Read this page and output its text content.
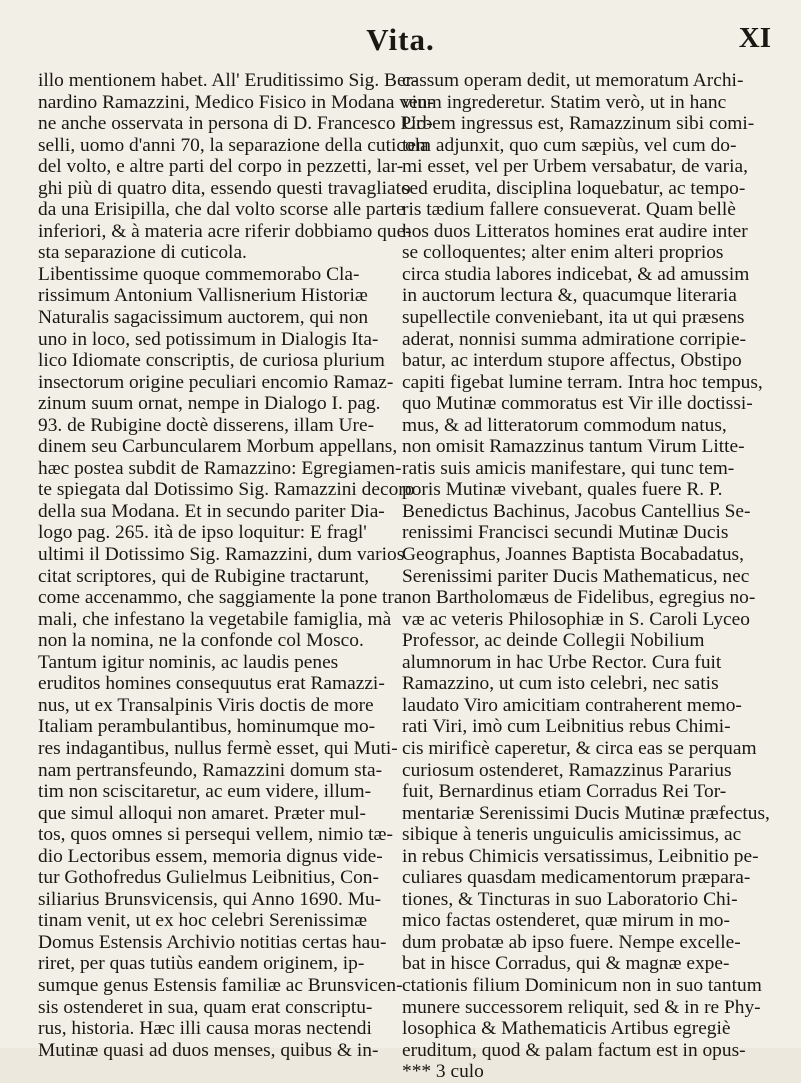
Vita.	XI
illo mentionem habet. All' Eruditissimo Sig. Ber-
nardino Ramazzini, Medico Fisico in Modana ven-
ne anche osservata in persona di D. Francesco Pio-
selli, uomo d'anni 70, la separazione della cuticola
del volto, e altre parti del corpo in pezzetti, lar-
ghi più di quatro dita, essendo questi travagliato
da una Erisipilla, che dal volto scorse alle parte
inferiori, & à materia acre riferir dobbiamo que-
sta separazione di cuticola.
Libentissime quoque commemorabo Cla-
rissimum Antonium Vallisnerium Historiæ
Naturalis sagacissimum auctorem, qui non
uno in loco, sed potissimum in Dialogis Ita-
lico Idiomate conscriptis, de curiosa plurium
insectorum origine peculiari encomio Ramaz-
zinum suum ornat, nempe in Dialogo I. pag.
93. de Rubigine doctè disserens, illam Ure-
dinem seu Carbuncularem Morbum appellans,
hæc postea subdit de Ramazzino: Egregiamen-
te spiegata dal Dotissimo Sig. Ramazzini decoro
della sua Modana. Et in secundo pariter Dia-
logo pag. 265. ità de ipso loquitur: E fragl'
ultimi il Dotissimo Sig. Ramazzini, dum varios
citat scriptores, qui de Rubigine tractarunt,
come accenammo, che saggiamente la pone tra
mali, che infestano la vegetabile famiglia, mà
non la nomina, ne la confonde col Mosco.
Tantum igitur nominis, ac laudis penes
eruditos homines consequutus erat Ramazzi-
nus, ut ex Transalpinis Viris doctis de more
Italiam perambulantibus, hominumque mo-
res indagantibus, nullus fermè esset, qui Muti-
nam pertransfeundo, Ramazzini domum sta-
tim non sciscitaretur, ac eum videre, illum-
que simul alloqui non amaret. Præter mul-
tos, quos omnes si persequi vellem, nimio tæ-
dio Lectoribus essem, memoria dignus vide-
tur Gothofredus Gulielmus Leibnitius, Con-
siliarius Brunsvicensis, qui Anno 1690. Mu-
tinam venit, ut ex hoc celebri Serenissimæ
Domus Estensis Archivio notitias certas hau-
riret, per quas tutiùs eandem originem, ip-
sumque genus Estensis familiæ ac Brunsvicen-
sis ostenderet in sua, quam erat conscriptu-
rus, historia. Hæc illi causa moras nectendi
Mutinæ quasi ad duos menses, quibus & in-
cassum operam dedit, ut memoratum Archi-
vium ingrederetur. Statim verò, ut in hanc
Urbem ingressus est, Ramazzinum sibi comi-
tem adjunxit, quo cum sæpiùs, vel cum do-
mi esset, vel per Urbem versabatur, de varia,
sed erudita, disciplina loquebatur, ac tempo-
ris tædium fallere consueverat. Quam bellè
hos duos Litteratos homines erat audire inter
se colloquentes; alter enim alteri proprios
circa studia labores indicebat, & ad amussim
in auctorum lectura &, quacumque literaria
supellectile conveniebant, ita ut qui præsens
aderat, nonnisi summa admiratione corripie-
batur, ac interdum stupore affectus, Obstipo
capiti figebat lumine terram. Intra hoc tempus,
quo Mutinæ commoratus est Vir ille doctissi-
mus, & ad litteratorum commodum natus,
non omisit Ramazzinus tantum Virum Litte-
ratis suis amicis manifestare, qui tunc tem-
poris Mutinæ vivebant, quales fuere R. P.
Benedictus Bachinus, Jacobus Cantellius Se-
renissimi Francisci secundi Mutinæ Ducis
Geographus, Joannes Baptista Bocabadatus,
Serenissimi pariter Ducis Mathematicus, nec
non Bartholomæus de Fidelibus, egregius no-
væ ac veteris Philosophiæ in S. Caroli Lyceo
Professor, ac deinde Collegii Nobilium
alumnorum in hac Urbe Rector. Cura fuit
Ramazzino, ut cum isto celebri, nec satis
laudato Viro amicitiam contraherent memo-
rati Viri, imò cum Leibnitius rebus Chimi-
cis mirificè caperetur, & circa eas se perquam
curiosum ostenderet, Ramazzinus Pararius
fuit, Bernardinus etiam Corradus Rei Tor-
mentariæ Serenissimi Ducis Mutinæ præfectus,
sibique à teneris unguiculis amicissimus, ac
in rebus Chimicis versatissimus, Leibnitio pe-
culiares quasdam medicamentorum præpara-
tiones, & Tincturas in suo Laboratorio Chi-
mico factas ostenderet, quæ mirum in mo-
dum probatæ ab ipso fuere. Nempe excelle-
bat in hisce Corradus, qui & magnæ expe-
ctationis filium Dominicum non in suo tantum
munere successorem reliquit, sed & in re Phy-
losophica & Mathematicis Artibus egregiè
eruditum, quod & palam factum est in opus-
*** 3 culo
